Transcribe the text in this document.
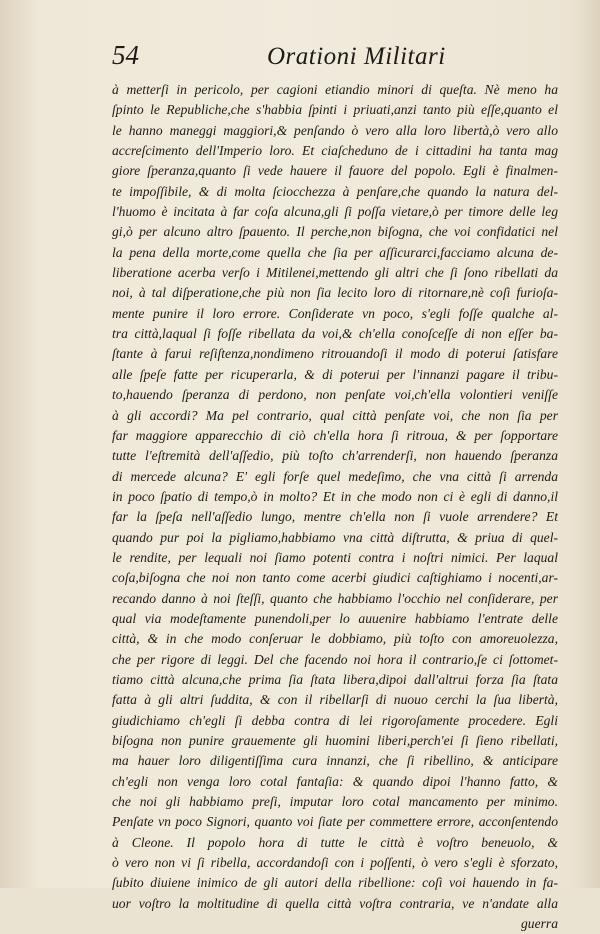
54	Orationi Militari
à metterſi in pericolo, per cagioni etiandio minori di queſta. Nè meno ha
ſpinto le Republiche,che s'habbia ſpinti i priuati,anzi tanto più eſſe,quanto el
le hanno maneggi maggiori,& penſando ò vero alla loro libertà,ò vero allo
accreſcimento dell'Imperio loro. Et ciaſcheduno de i cittadini ha tanta mag
giore ſperanza,quanto ſi vede hauere il fauore del popolo. Egli è finalmen-
te impoſſibile, & di molta ſciocchezza à penſare,che quando la natura del-
l'huomo è incitata à far coſa alcuna,gli ſi poſſa vietare,ò per timore delle leg
gi,ò per alcuno altro ſpauento. Il perche,non biſogna, che voi confidatici nel
la pena della morte,come quella che ſia per aſſicurarci,facciamo alcuna de-
liberatione acerba verſo i Mitilenei,mettendo gli altri che ſi ſono ribellati da
noi, à tal diſperatione,che più non ſia lecito loro di ritornare,nè coſì furioſa-
mente punire il loro errore. Conſiderate vn poco, s'egli foſſe qualche al-
tra città,laqual ſi foſſe ribellata da voi,& ch'ella conoſceſſe di non eſſer ba-
ſtante à farui reſiſtenza,nondimeno ritrouandoſi il modo di poterui ſatisfare
alle ſpeſe fatte per ricuperarla, & di poterui per l'innanzi pagare il tribu-
to,hauendo ſperanza di perdono, non penſate voi,ch'ella volontieri veniſſe
à gli accordi? Ma pel contrario, qual città penſate voi, che non ſia per
far maggiore apparecchio di ciò ch'ella hora ſi ritroua, & per ſopportare
tutte l'eſtremità dell'aſſedio, più toſto ch'arrenderſi, non hauendo ſperanza
di mercede alcuna? E' egli forſe quel medeſimo, che vna città ſi arrenda
in poco ſpatio di tempo,ò in molto? Et in che modo non ci è egli di danno,il
far la ſpeſa nell'aſſedio lungo, mentre ch'ella non ſi vuole arrendere? Et
quando pur poi la pigliamo,habbiamo vna città diſtrutta, & priua di quel-
le rendite, per lequali noi ſiamo potenti contra i noſtri nimici. Per laqual
coſa,biſogna che noi non tanto come acerbi giudici caſtighiamo i nocenti,ar-
recando danno à noi ſteſſi, quanto che habbiamo l'occhio nel conſiderare, per
qual via modeſtamente punendoli,per lo auuenire habbiamo l'entrate delle
città, & in che modo conſeruar le dobbiamo, più toſto con amoreuolezza,
che per rigore di leggi. Del che facendo noi hora il contrario,ſe ci ſottomet-
tiamo città alcuna,che prima ſia ſtata libera,dipoi dall'altrui forza ſia ſtata
fatta à gli altri ſuddita, & con il ribellarſi di nuouo cerchi la ſua libertà,
giudichiamo ch'egli ſi debba contra di lei rigoroſamente procedere. Egli
biſogna non punire grauemente gli huomini liberi,perch'ei ſi ſieno ribellati,
ma hauer loro diligentiſſima cura innanzi, che ſi ribellino, & anticipare
ch'egli non venga loro cotal fantaſia: & quando dipoi l'hanno fatto, &
che noi gli habbiamo preſi, imputar loro cotal mancamento per minimo.
Penſate vn poco Signori, quanto voi ſiate per commettere errore, acconſentendo
à Cleone. Il popolo hora di tutte le città è voſtro beneuolo, &
ò vero non vi ſi ribella, accordandoſi con i poſſenti, ò vero s'egli è sforzato,
ſubito diuiene inimico de gli autori della ribellione: coſì voi hauendo in fa-
uor voſtro la moltitudine di quella città voſtra contraria, ve n'andate alla
guerra
